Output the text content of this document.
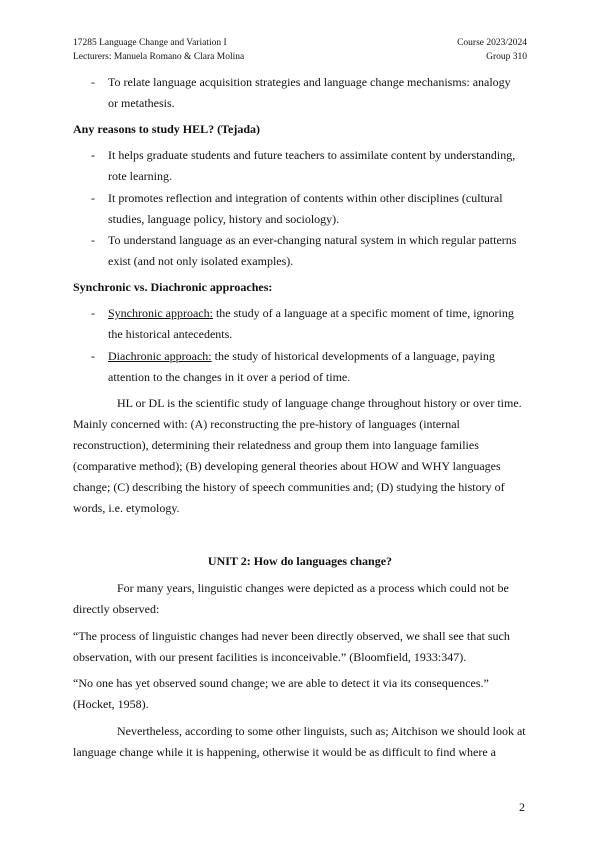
17285 Language Change and Variation I	Course 2023/2024
Lecturers: Manuela Romano & Clara Molina	Group 310
- To relate language acquisition strategies and language change mechanisms: analogy
or metathesis.
Any reasons to study HEL? (Tejada)
- It helps graduate students and future teachers to assimilate content by understanding,
rote learning.
- It promotes reflection and integration of contents within other disciplines (cultural
studies, language policy, history and sociology).
- To understand language as an ever-changing natural system in which regular patterns
exist (and not only isolated examples).
Synchronic vs. Diachronic approaches:
- Synchronic approach: the study of a language at a specific moment of time, ignoring
the historical antecedents.
- Diachronic approach: the study of historical developments of a language, paying
attention to the changes in it over a period of time.
HL or DL is the scientific study of language change throughout history or over time.
Mainly concerned with: (A) reconstructing the pre-history of languages (internal
reconstruction), determining their relatedness and group them into language families
(comparative method); (B) developing general theories about HOW and WHY languages
change; (C) describing the history of speech communities and; (D) studying the history of
words, i.e. etymology.
UNIT 2: How do languages change?
For many years, linguistic changes were depicted as a process which could not be
directly observed:
“The process of linguistic changes had never been directly observed, we shall see that such
observation, with our present facilities is inconceivable.” (Bloomfield, 1933:347).
“No one has yet observed sound change; we are able to detect it via its consequences.”
(Hocket, 1958).
Nevertheless, according to some other linguists, such as; Aitchison we should look at
language change while it is happening, otherwise it would be as difficult to find where a
2
